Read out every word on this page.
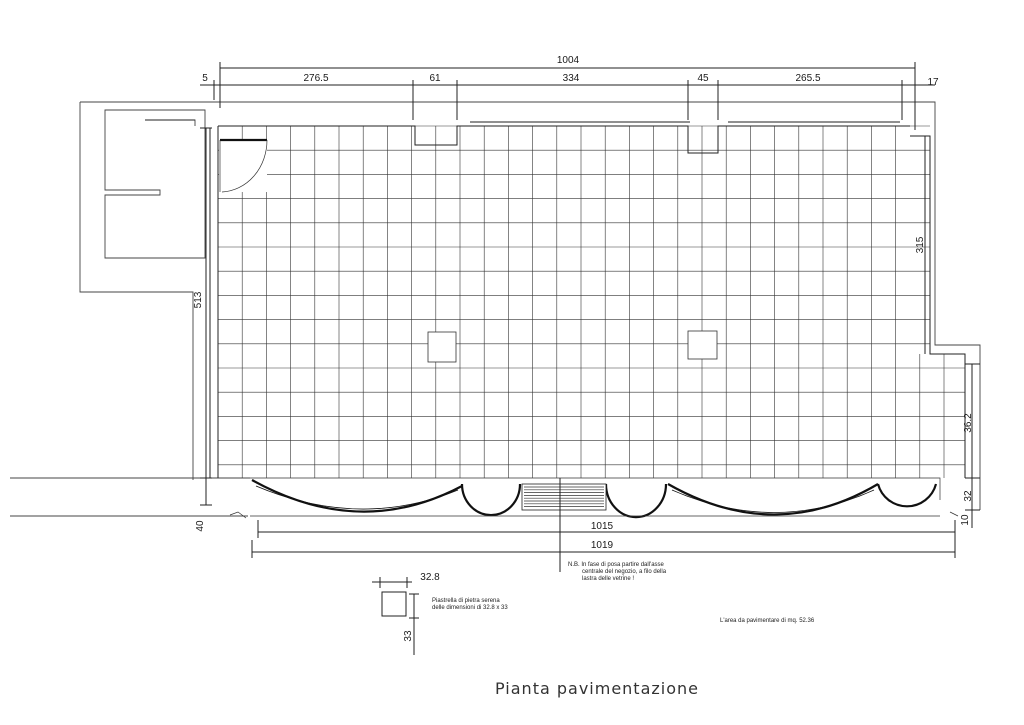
1004
5	276.5	61	334	45	265.5	17
513
40
315
36.2
32
10
1015
1019
N.B. In fase di posa partire dall'asse
centrale del negozio, a filo della
lastra delle vetrine !
32.8
33
Piastrella di pietra serena
delle dimensioni di 32.8 x 33
L'area da pavimentare di mq. 52.36
Pianta pavimentazione
